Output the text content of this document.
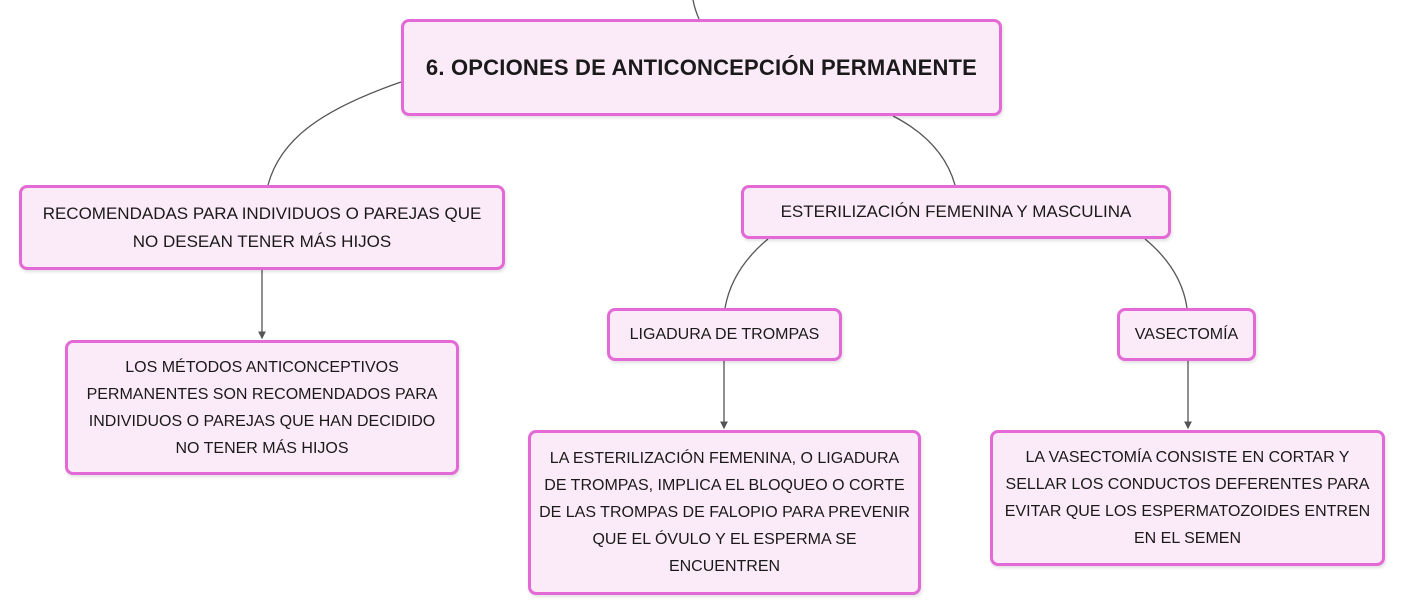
6. OPCIONES DE ANTICONCEPCIÓN PERMANENTE
RECOMENDADAS PARA INDIVIDUOS O PAREJAS QUE NO DESEAN TENER MÁS HIJOS
ESTERILIZACIÓN FEMENINA Y MASCULINA
LIGADURA DE TROMPAS	VASECTOMÍA
LOS MÉTODOS ANTICONCEPTIVOS PERMANENTES SON RECOMENDADOS PARA INDIVIDUOS O PAREJAS QUE HAN DECIDIDO NO TENER MÁS HIJOS
LA ESTERILIZACIÓN FEMENINA, O LIGADURA DE TROMPAS, IMPLICA EL BLOQUEO O CORTE DE LAS TROMPAS DE FALOPIO PARA PREVENIR QUE EL ÓVULO Y EL ESPERMA SE ENCUENTREN
LA VASECTOMÍA CONSISTE EN CORTAR Y SELLAR LOS CONDUCTOS DEFERENTES PARA EVITAR QUE LOS ESPERMATOZOIDES ENTREN EN EL SEMEN
